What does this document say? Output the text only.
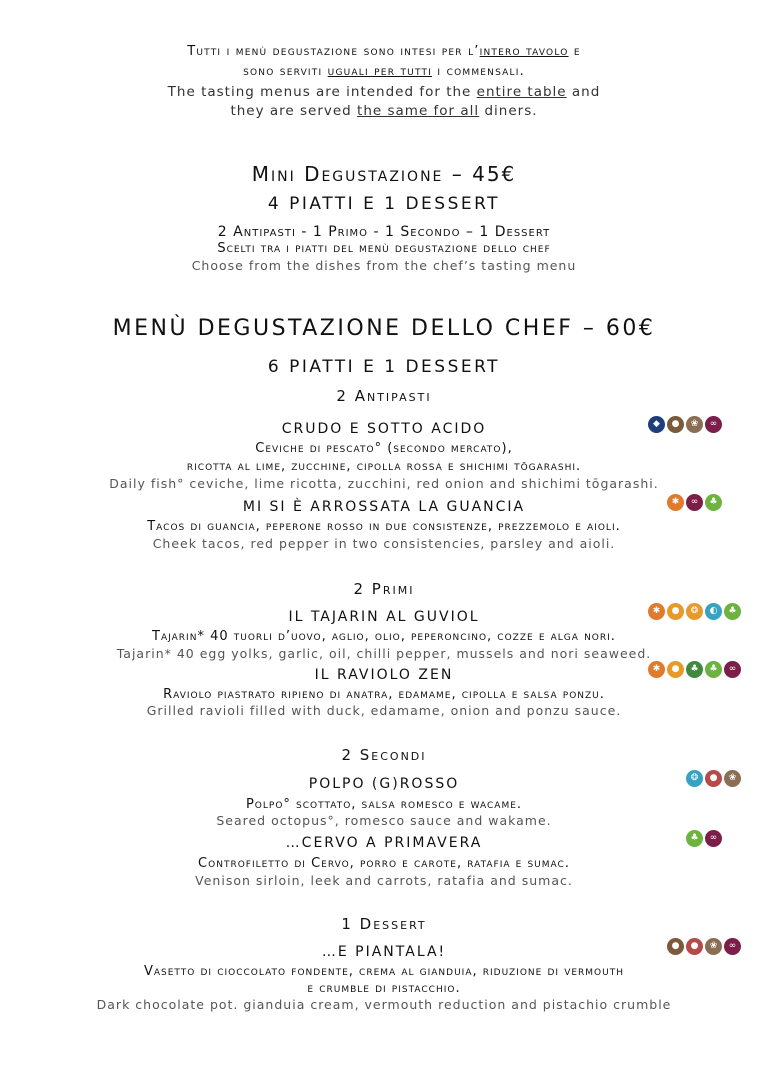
Tutti i menù degustazione sono intesi per l’intero tavolo e
sono serviti uguali per tutti i commensali.
The tasting menus are intended for the entire table and
they are served the same for all diners.
Mini Degustazione – 45€
4 PIATTI E 1 DESSERT
2 Antipasti - 1 Primo - 1 Secondo – 1 Dessert
Scelti tra i piatti del menù degustazione dello chef
Choose from the dishes from the chef’s tasting menu
MENÙ DEGUSTAZIONE DELLO CHEF – 60€
6 PIATTI E 1 DESSERT
2 Antipasti
CRUDO E SOTTO ACIDO	◆	●	❀	∞
Ceviche di pescato° (secondo mercato),
ricotta al lime, zucchine, cipolla rossa e shichimi tōgarashi.
Daily fish° ceviche, lime ricotta, zucchini, red onion and shichimi tōgarashi.
MI SI È ARROSSATA LA GUANCIA	✱	∞	♣
Tacos di guancia, peperone rosso in due consistenze, prezzemolo e aioli.
Cheek tacos, red pepper in two consistencies, parsley and aioli.
2 Primi
IL TAJARIN AL GUVIOL	✱	●	❂	◐	♣
Tajarin* 40 tuorli d’uovo, aglio, olio, peperoncino, cozze e alga nori.
Tajarin* 40 egg yolks, garlic, oil, chilli pepper, mussels and nori seaweed.
IL RAVIOLO ZEN	✱	●	♣	♣	∞
Raviolo piastrato ripieno di anatra, edamame, cipolla e salsa ponzu.
Grilled ravioli filled with duck, edamame, onion and ponzu sauce.
2 Secondi
POLPO (G)ROSSO	❂	●	❀
Polpo° scottato, salsa romesco e wacame.
Seared octopus°, romesco sauce and wakame.
…CERVO A PRIMAVERA	♣	∞
Controfiletto di Cervo, porro e carote, ratafia e sumac.
Venison sirloin, leek and carrots, ratafia and sumac.
1 Dessert
…E PIANTALA!	●	●	❀	∞
Vasetto di cioccolato fondente, crema al gianduia, riduzione di vermouth
e crumble di pistacchio.
Dark chocolate pot. gianduia cream, vermouth reduction and pistachio crumble
